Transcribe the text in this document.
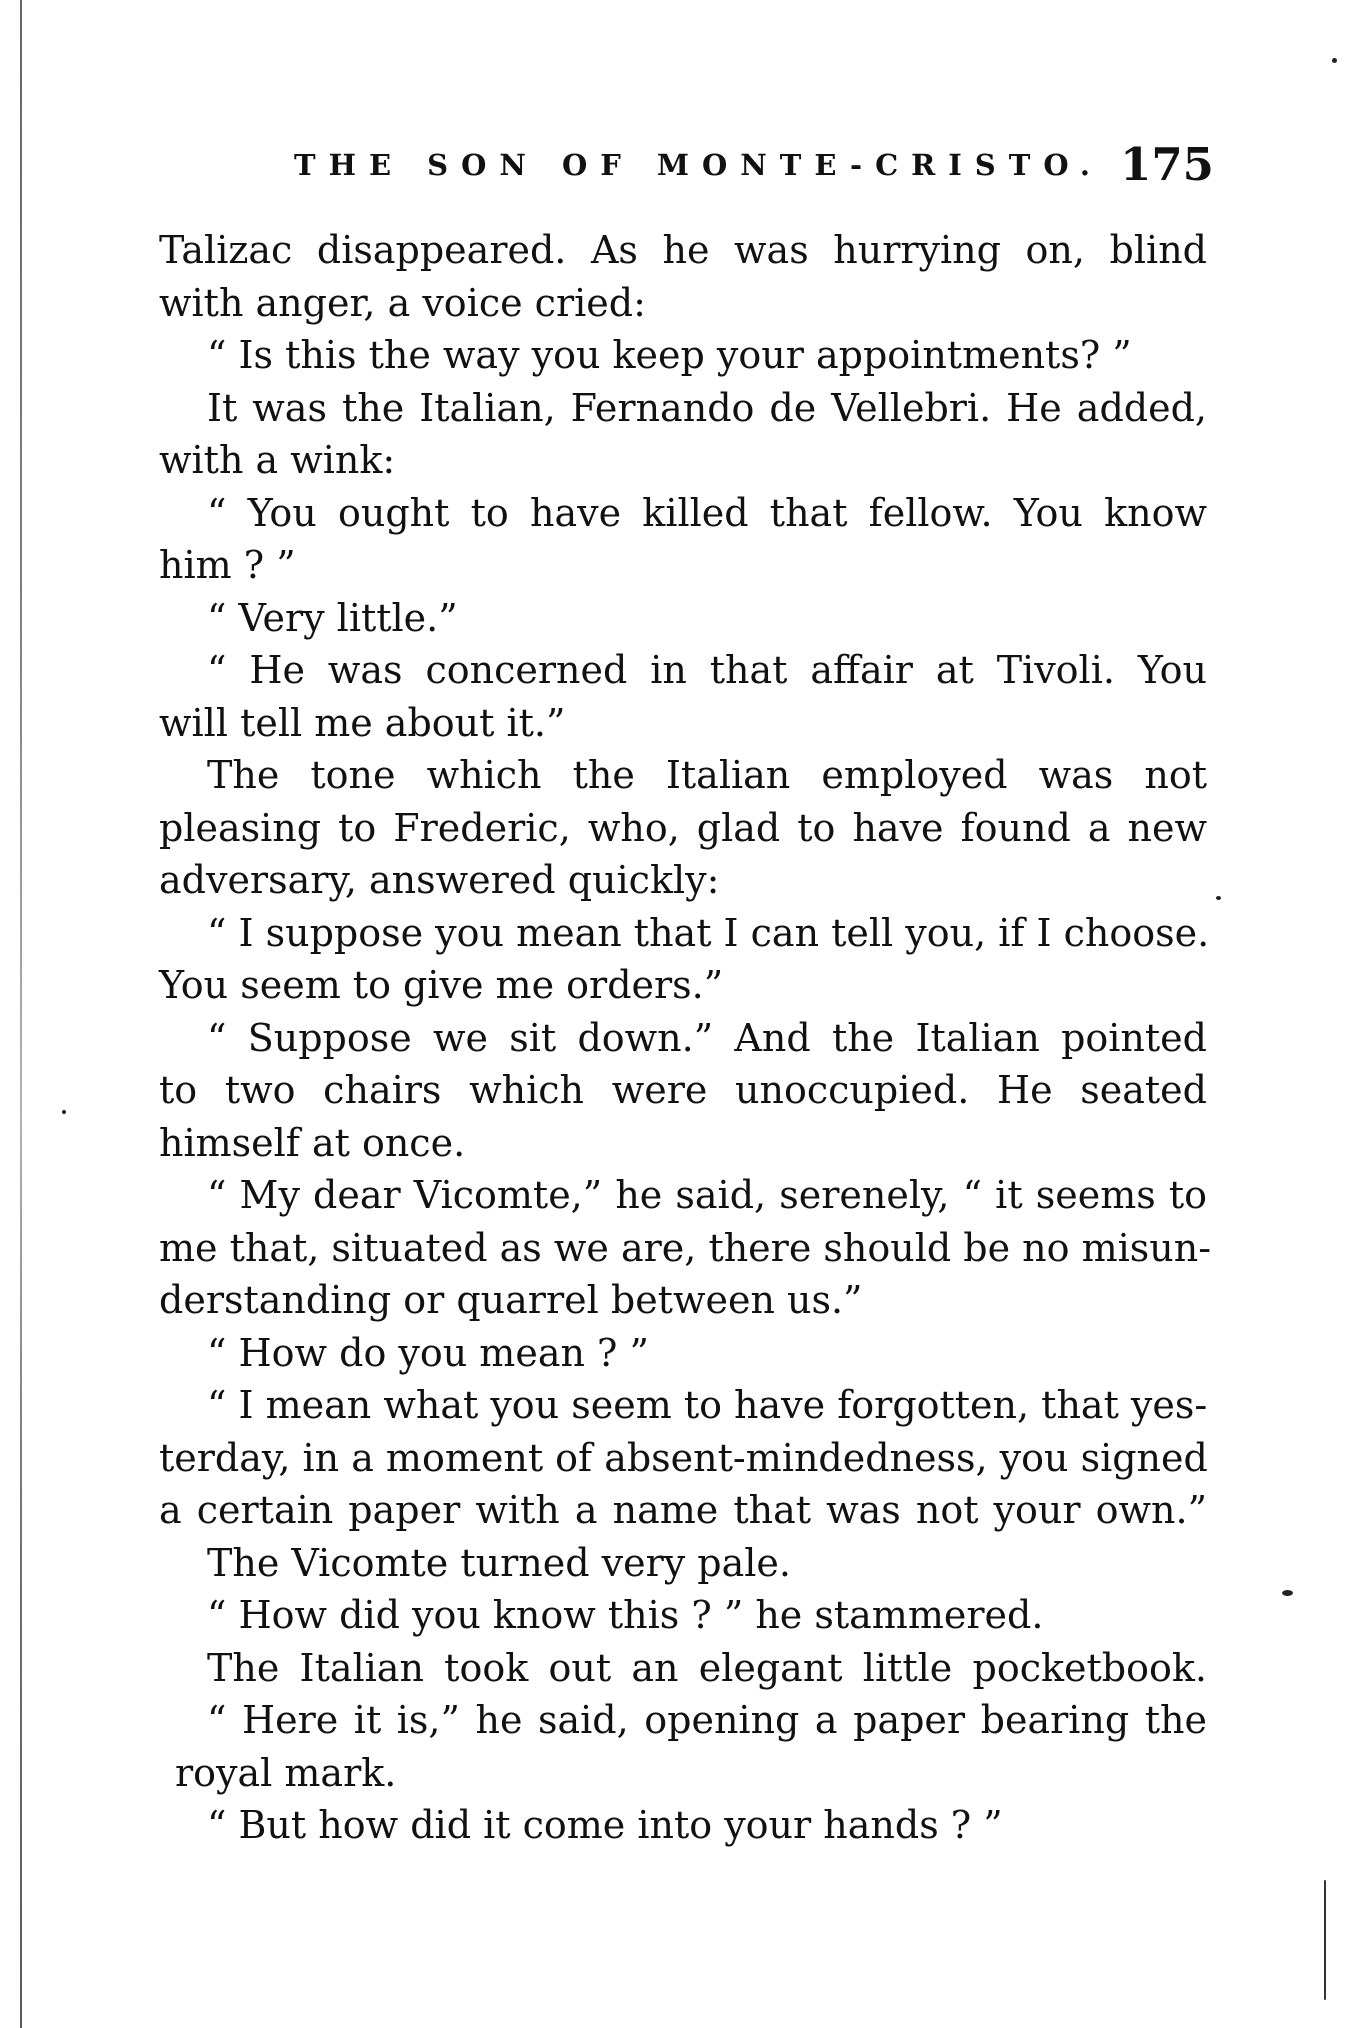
THE SON OF MONTE-CRISTO. 175
Talizac disappeared. As he was hurrying on, blind
with anger, a voice cried:
“ Is this the way you keep your appointments? ”
It was the Italian, Fernando de Vellebri. He added,
with a wink:
“ You ought to have killed that fellow. You know
him ? ”
“ Very little.”
“ He was concerned in that affair at Tivoli. You
will tell me about it.”
The tone which the Italian employed was not
pleasing to Frederic, who, glad to have found a new
adversary, answered quickly:
“ I suppose you mean that I can tell you, if I choose.
You seem to give me orders.”
“ Suppose we sit down.” And the Italian pointed
to two chairs which were unoccupied. He seated
himself at once.
“ My dear Vicomte,” he said, serenely, “ it seems to
me that, situated as we are, there should be no misun-
derstanding or quarrel between us.”
“ How do you mean ? ”
“ I mean what you seem to have forgotten, that yes-
terday, in a moment of absent-mindedness, you signed
a certain paper with a name that was not your own.”
The Vicomte turned very pale.
“ How did you know this ? ” he stammered.
The Italian took out an elegant little pocketbook.
“ Here it is,” he said, opening a paper bearing the
royal mark.
“ But how did it come into your hands ? ”
